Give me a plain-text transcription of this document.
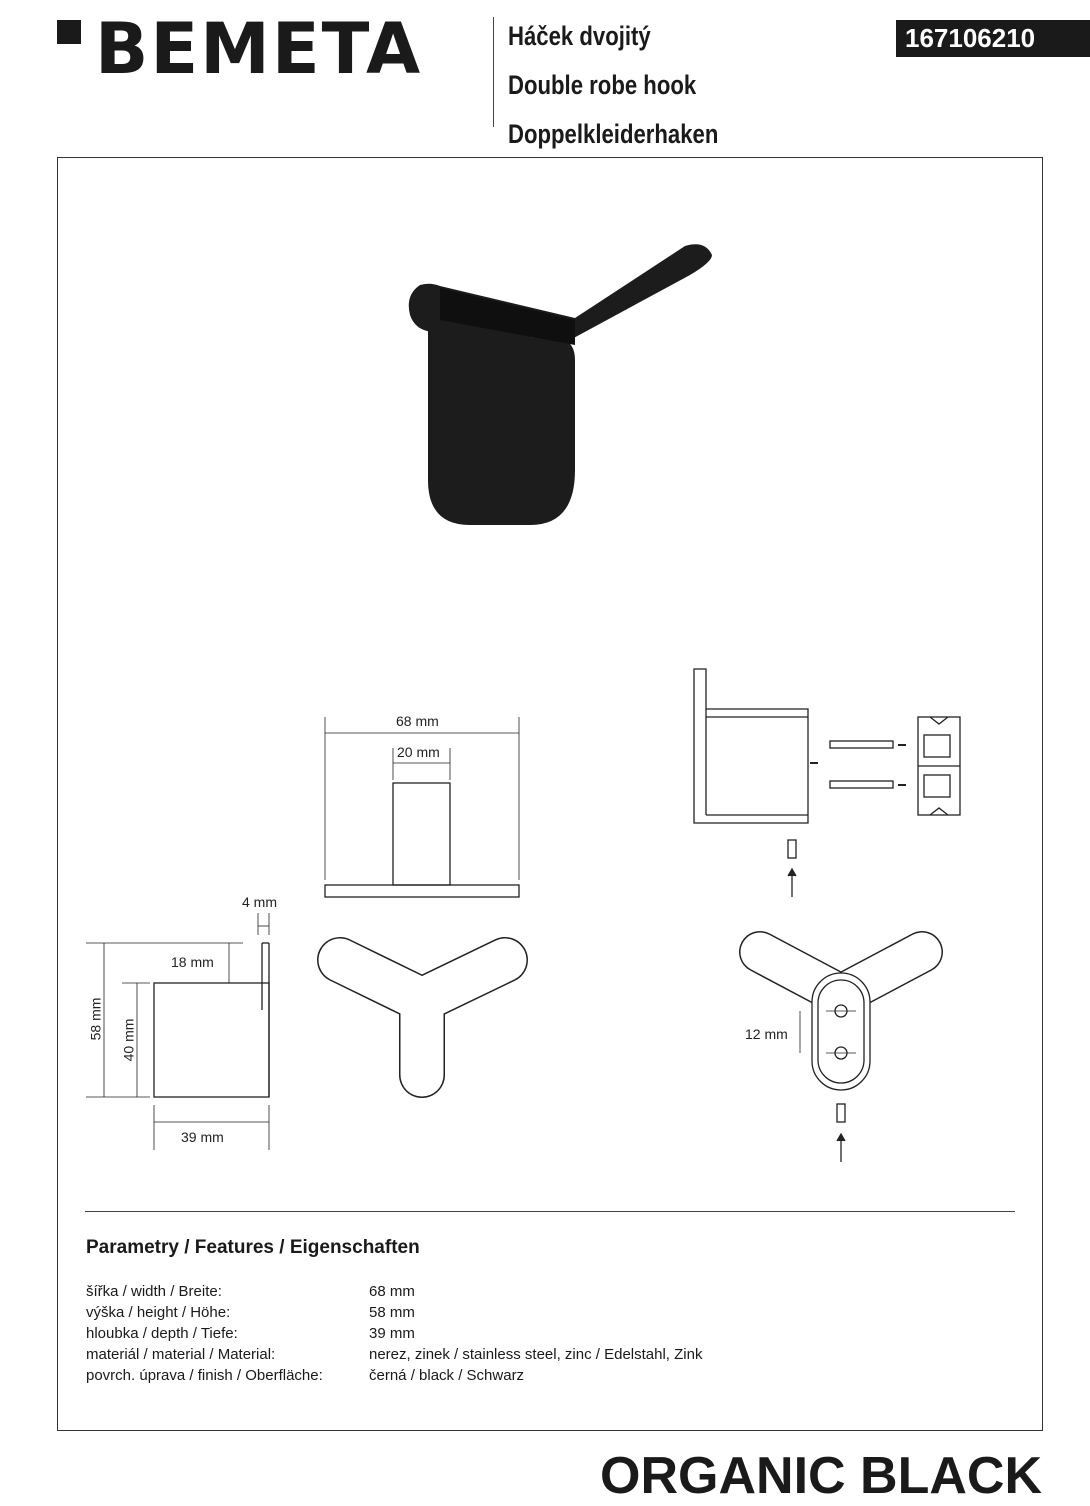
BEMETA	Háček dvojitý
Double robe hook
Doppelkleiderhaken
167106210
68 mm
20 mm
4 mm
18 mm
58 mm 40 mm
39 mm
12 mm
Parametry / Features / Eigenschaften
šířka / width / Breite:	68 mm
výška / height / Höhe:	58 mm
hloubka / depth / Tiefe:	39 mm
materiál / material / Material:	nerez, zinek / stainless steel, zinc / Edelstahl, Zink
povrch. úprava / finish / Oberfläche:	černá / black / Schwarz
ORGANIC BLACK
